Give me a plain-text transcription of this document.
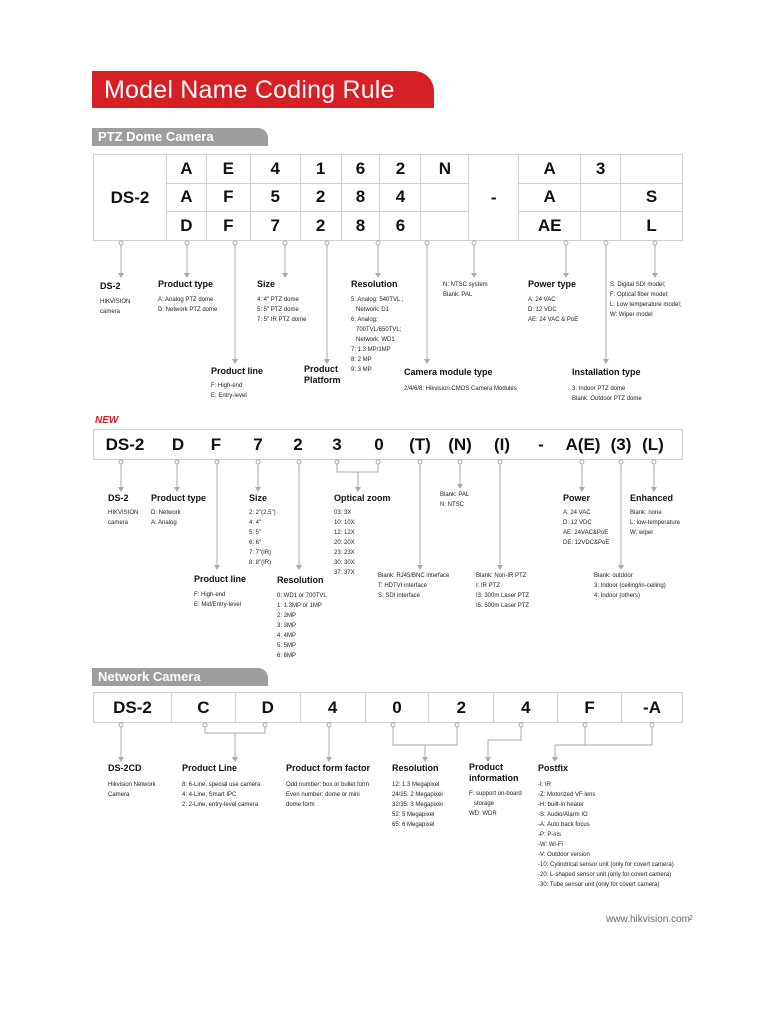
Model Name Coding Rule
PTZ Dome Camera
DS-2	A	E	4	1	6	2	N	-	A	3	
	A	F	5	2	8	4			A		S
	D	F	7	2	8	6			AE		L
DS-2
HIKVISION
camera
Product type
A: Analog PTZ dome
D: Network PTZ dome
Size
4: 4" PTZ dome
5: 5" PTZ dome
7: 5" IR PTZ dome
Resolution
5: Analog: 540TVL ;
Network: D1
6: Analog:
700TVL/650TVL;
Network: WD1
7: 1.3 MP/1MP
8: 2 MP
9: 3 MP
N: NTSC system
Blank: PAL
Power type
A: 24 VAC
D: 12 VDC
AE: 24 VAC & PoE
S: Digital SDI model;
F: Optical fiber model;
L: Low temperature model;
W: Wiper model
Product line
F: High-end
E: Entry-level
Product
Platform
Camera module type
2/4/6/8: Hikvision CMOS Camera Modules
Installation type
3: Indoor PTZ dome
Blank: Outdoor PTZ dome
NEW
DS-2	D F	7	2	3	0	(T)	(N)	(I)	-	A(E) (3) (L)
DS-2
HIKVISION
camera
Product type
D: Network
A: Analog
Size
2: 2"(2.5")
4: 4"
5: 5"
6: 6"
7: 7"(IR)
8: 8"(IR)
Optical zoom
03: 3X
10: 10X
12: 12X
20: 20X
23: 23X
30: 30X
37: 37X
Blank: PAL
N: NTSC
Power
A: 24 VAC
D: 12 VDC
AE: 24VAC&PoE
DE: 12VDC&PoE
Enhanced
Blank: none
L: low-temperature
W: wiper
Product line
F: High-end
E: Mid/Entry-level
Resolution
0: WD1 or 700TVL
1: 1.3MP or 1MP
2: 2MP
3: 3MP
4: 4MP
5: 5MP
6: 6MP
Blank: RJ45/BNC interface
T: HDTVI interface
S: SDI interface
Blank: Non-IR PTZ
I: IR PTZ
I3: 300m Laser PTZ
I5: 500m Laser PTZ
Blank: outdoor
3: Indoor (ceiling/in-ceiling)
4: Indoor (others)
Network Camera
DS-2	C	D	4	0	2	4	F	-A
DS-2CD
Hikvision Network
Camera
Product Line
8: 6-Line, special use camera
4: 4-Line, Smart IPC
2: 2-Line, entry-level camera
Product form factor
Odd number: box or bullet form
Even number: dome or mini
dome form
Resolution
12: 1.3 Megapixel
24/25: 2 Megapixel
32/35: 3 Megapixel
52: 5 Megapixel
65: 6 Megapixel
Product
information
F: support on-board
storage
WD: WDR
Postfix
-I: IR
-Z: Motorized VF lens
-H: built-in heater
-S: Audio/Alarm IO
-A: Auto back focus
-P: P-iris
-W: Wi-Fi
-V: Outdoor version
-10: Cylindrical sensor unit (only for covert camera)
-20: L-shaped sensor unit (only for covert camera)
-30: Tube sensor unit (only for covert camera)
www.hikvision.com 2
